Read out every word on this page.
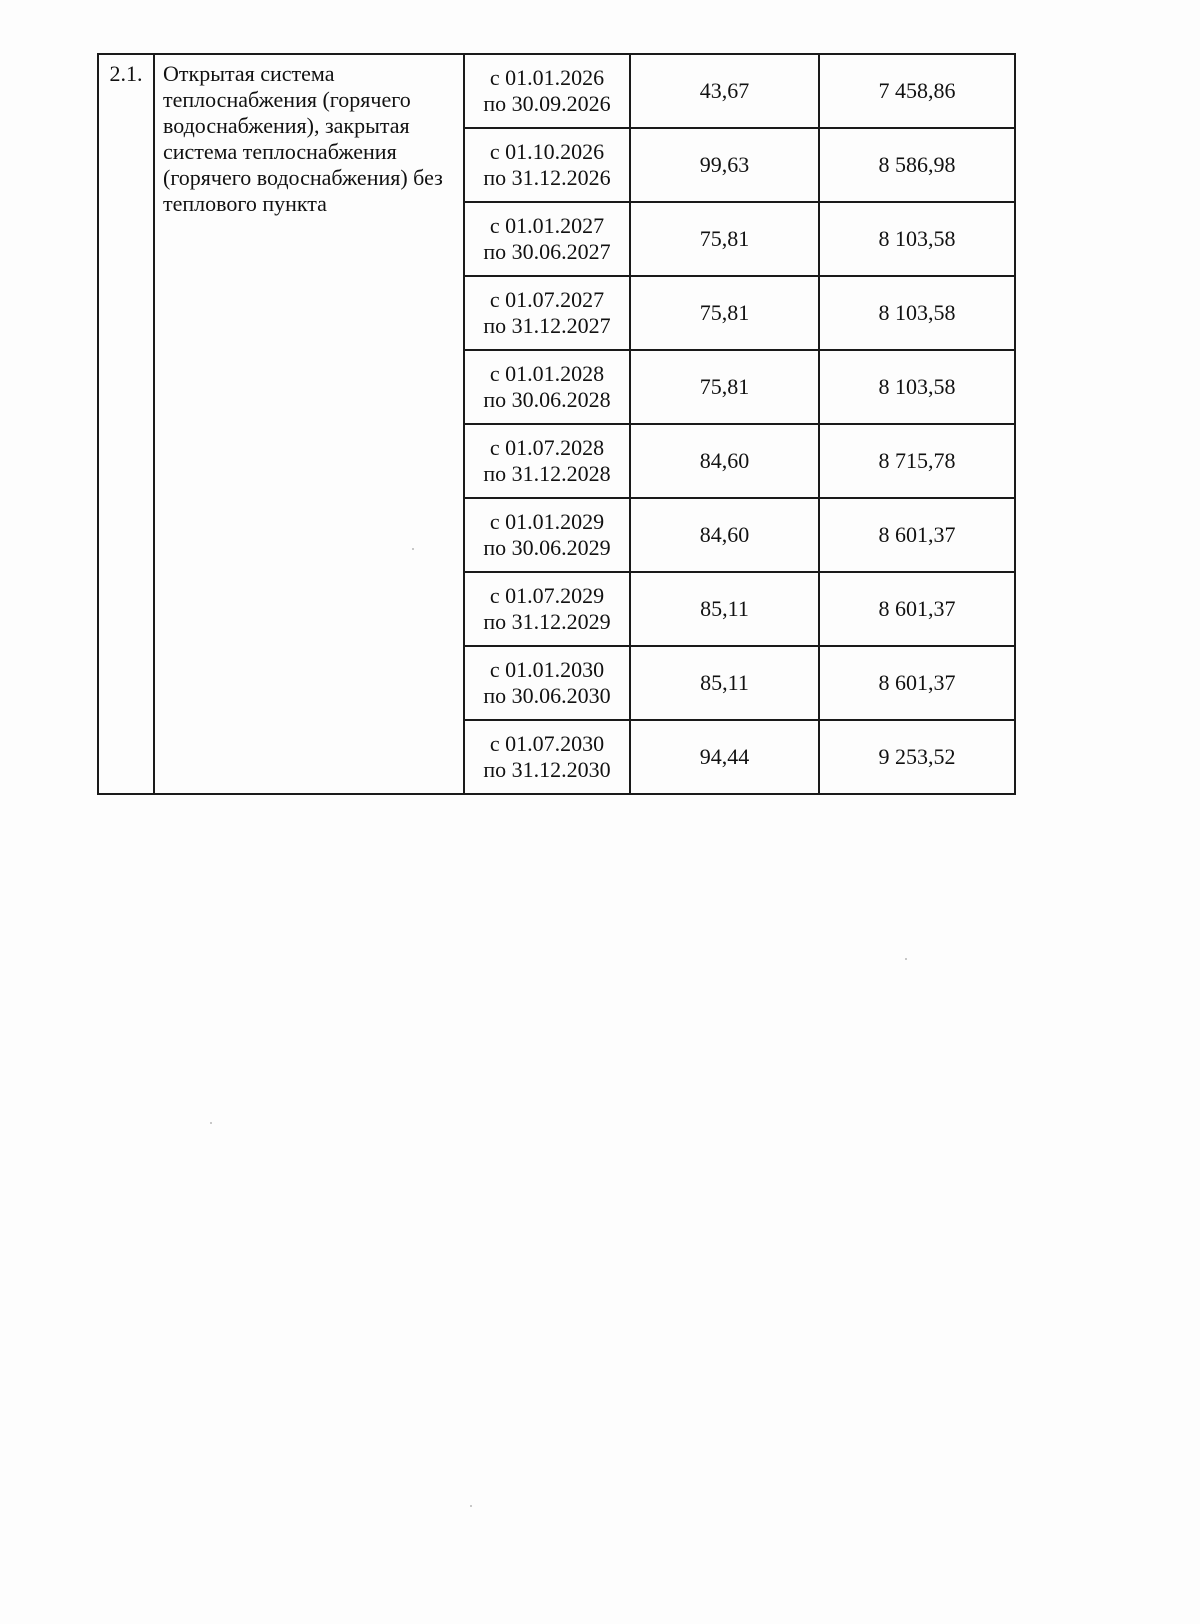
2.1.	Открытая система теплоснабжения (горячего водоснабжения), закрытая система теплоснабжения (горячего водоснабжения) без теплового пункта	с 01.01.2026
по 30.09.2026	43,67	7 458,86

		с 01.10.2026
по 31.12.2026	99,63	8 586,98

		с 01.01.2027
по 30.06.2027	75,81	8 103,58

		с 01.07.2027
по 31.12.2027	75,81	8 103,58

		с 01.01.2028
по 30.06.2028	75,81	8 103,58

		с 01.07.2028
по 31.12.2028	84,60	8 715,78

		с 01.01.2029
по 30.06.2029	84,60	8 601,37

		с 01.07.2029
по 31.12.2029	85,11	8 601,37

		с 01.01.2030
по 30.06.2030	85,11	8 601,37

		с 01.07.2030
по 31.12.2030	94,44	9 253,52
